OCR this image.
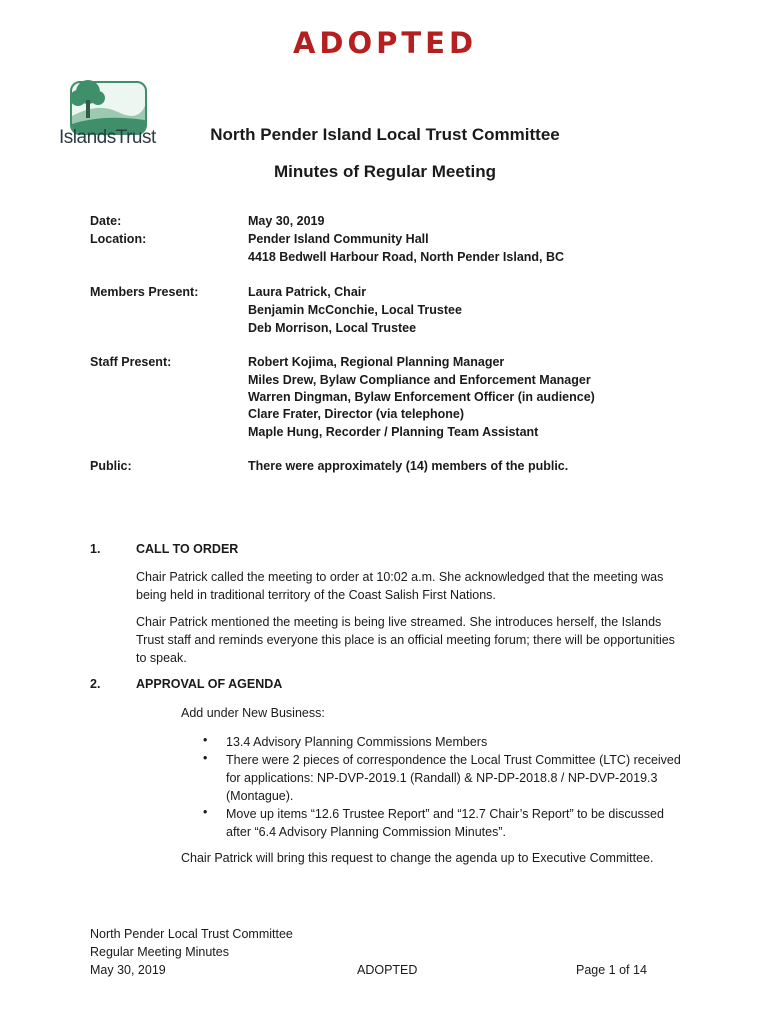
ADOPTED
IslandsTrust	North Pender Island Local Trust Committee
Minutes of Regular Meeting
Date:	May 30, 2019
Location:	Pender Island Community Hall
4418 Bedwell Harbour Road, North Pender Island, BC
Members Present:	Laura Patrick, Chair
Benjamin McConchie, Local Trustee
Deb Morrison, Local Trustee
Staff Present:	Robert Kojima, Regional Planning Manager
Miles Drew, Bylaw Compliance and Enforcement Manager
Warren Dingman, Bylaw Enforcement Officer (in audience)
Clare Frater, Director (via telephone)
Maple Hung, Recorder / Planning Team Assistant
Public:	There were approximately (14) members of the public.
1.	CALL TO ORDER
Chair Patrick called the meeting to order at 10:02 a.m. She acknowledged that the meeting was being held in traditional territory of the Coast Salish First Nations.
Chair Patrick mentioned the meeting is being live streamed. She introduces herself, the Islands Trust staff and reminds everyone this place is an official meeting forum; there will be opportunities to speak.
2.	APPROVAL OF AGENDA
Add under New Business:
• 13.4 Advisory Planning Commissions Members
• There were 2 pieces of correspondence the Local Trust Committee (LTC) received for applications: NP-DVP-2019.1 (Randall) & NP-DP-2018.8 / NP-DVP-2019.3 (Montague).
• Move up items “12.6 Trustee Report” and “12.7 Chair’s Report” to be discussed after “6.4 Advisory Planning Commission Minutes”.
Chair Patrick will bring this request to change the agenda up to Executive Committee.
North Pender Local Trust Committee
Regular Meeting Minutes
May 30, 2019	ADOPTED	Page 1 of 14
